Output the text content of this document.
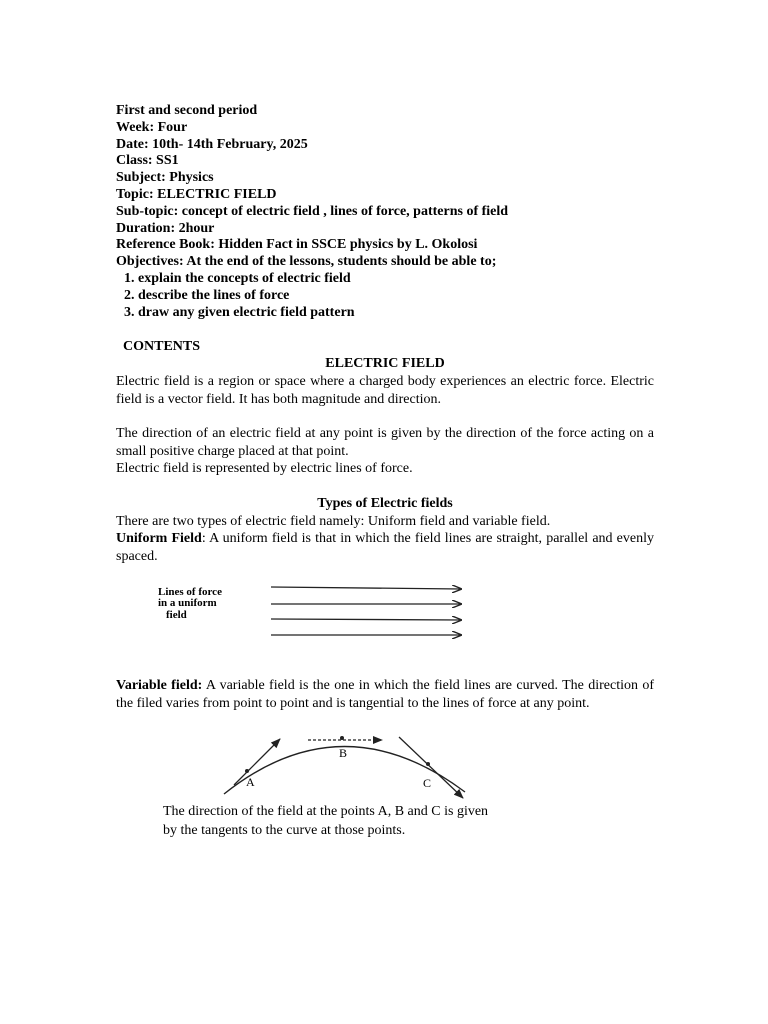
First and second period

Week: Four

Date: 10th- 14th February, 2025

Class: SS1

Subject: Physics

Topic: ELECTRIC FIELD

Sub-topic: concept of electric field , lines of force, patterns of field

Duration: 2hour

Reference Book: Hidden Fact in SSCE physics by L. Okolosi

Objectives: At the end of the lessons, students should be able to;

1. explain the concepts of electric field

2. describe the lines of force

3. draw any given electric field pattern

CONTENTS

ELECTRIC FIELD

Electric field is a region or space where a charged body experiences an electric force. Electric field is a vector field. It has both magnitude and direction.

The direction of an electric field at any point is given by the direction of the force acting on a small positive charge placed at that point.

Electric field is represented by electric lines of force.

Types of Electric fields

There are two types of electric field namely: Uniform field and variable field.

Uniform Field: A uniform field is that in which the field lines are straight, parallel and evenly spaced.

Lines of force
in a uniform
field

Variable field: A variable field is the one in which the field lines are curved. The direction of the filed varies from point to point and is tangential to the lines of force at any point.

A
B
C
The direction of the field at the points A, B and C is given
by the tangents to the curve at those points.
